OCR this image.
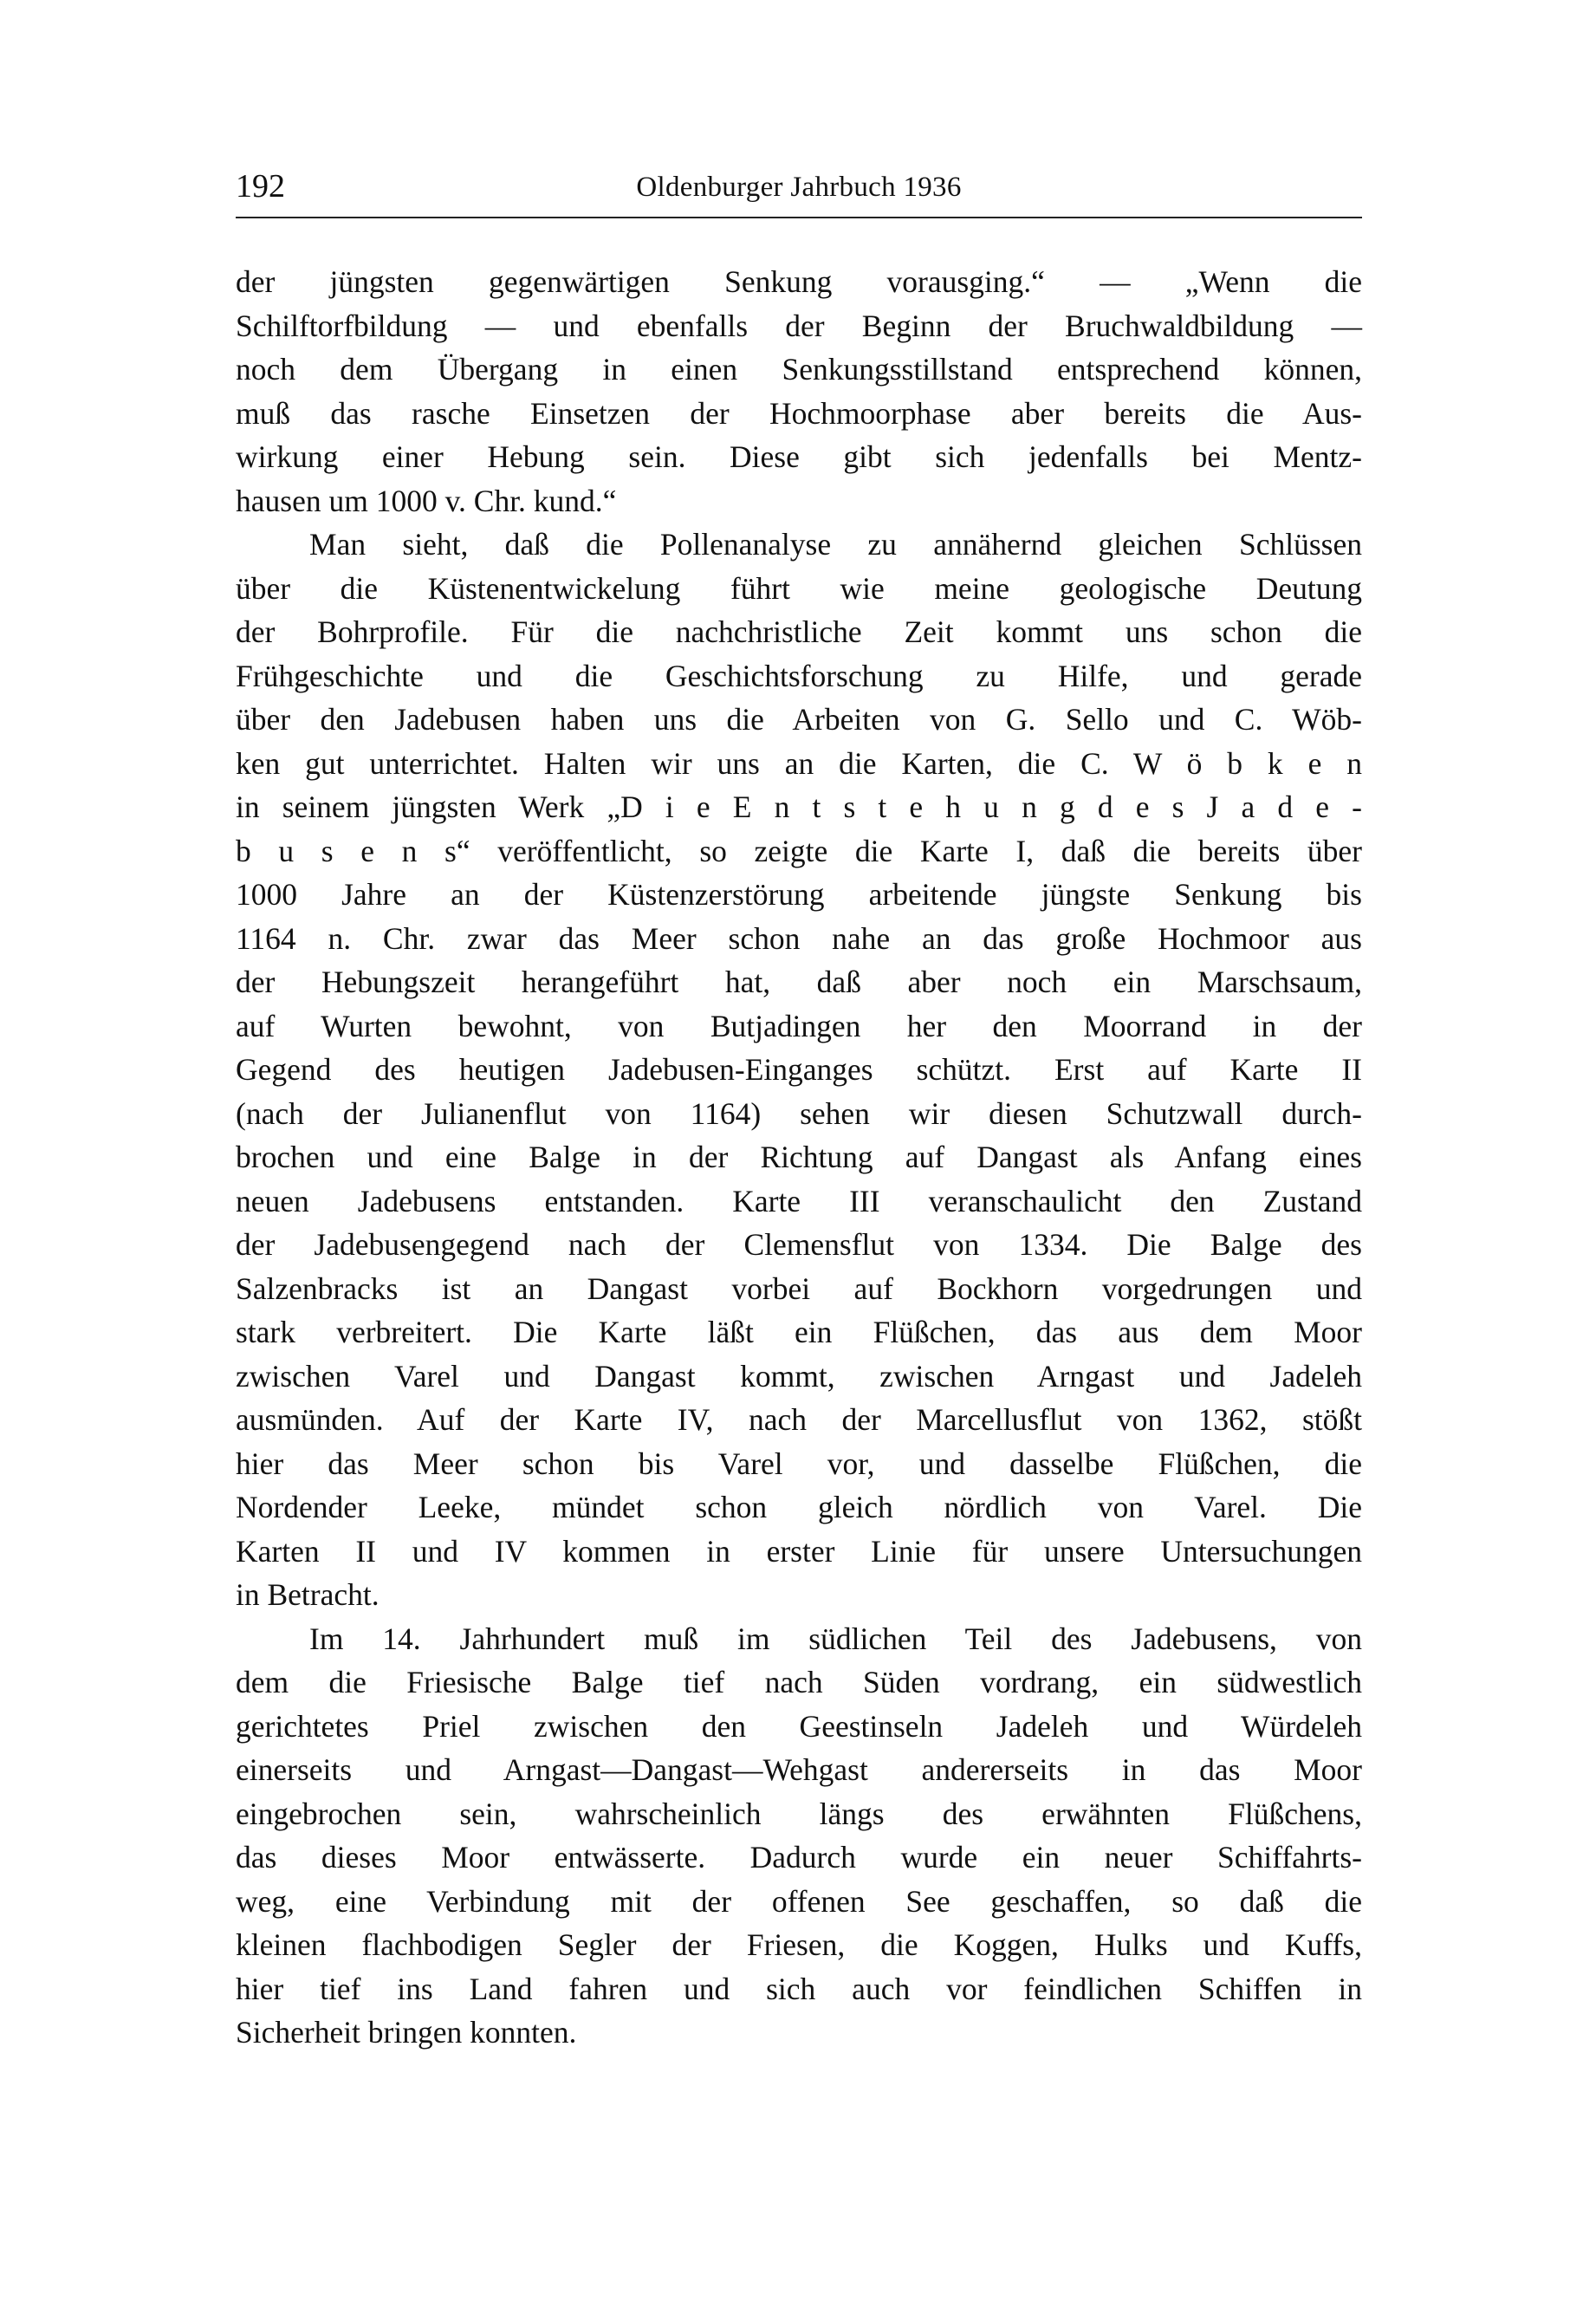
192	Oldenburger Jahrbuch 1936
der jüngsten gegenwärtigen Senkung vorausging.“ — „Wenn die
Schilftorfbildung — und ebenfalls der Beginn der Bruchwaldbildung —
noch dem Übergang in einen Senkungsstillstand entsprechend können,
muß das rasche Einsetzen der Hochmoorphase aber bereits die Aus-
wirkung einer Hebung sein. Diese gibt sich jedenfalls bei Mentz-
hausen um 1000 v. Chr. kund.“
Man sieht, daß die Pollenanalyse zu annähernd gleichen Schlüssen
über die Küstenentwickelung führt wie meine geologische Deutung
der Bohrprofile. Für die nachchristliche Zeit kommt uns schon die
Frühgeschichte und die Geschichtsforschung zu Hilfe, und gerade
über den Jadebusen haben uns die Arbeiten von G. Sello und C. Wöb-
ken gut unterrichtet. Halten wir uns an die Karten, die C. W ö b k e n
in seinem jüngsten Werk „D i e E n t s t e h u n g d e s J a d e -
b u s e n s“ veröffentlicht, so zeigte die Karte I, daß die bereits über
1000 Jahre an der Küstenzerstörung arbeitende jüngste Senkung bis
1164 n. Chr. zwar das Meer schon nahe an das große Hochmoor aus
der Hebungszeit herangeführt hat, daß aber noch ein Marschsaum,
auf Wurten bewohnt, von Butjadingen her den Moorrand in der
Gegend des heutigen Jadebusen-Einganges schützt. Erst auf Karte II
(nach der Julianenflut von 1164) sehen wir diesen Schutzwall durch-
brochen und eine Balge in der Richtung auf Dangast als Anfang eines
neuen Jadebusens entstanden. Karte III veranschaulicht den Zustand
der Jadebusengegend nach der Clemensflut von 1334. Die Balge des
Salzenbracks ist an Dangast vorbei auf Bockhorn vorgedrungen und
stark verbreitert. Die Karte läßt ein Flüßchen, das aus dem Moor
zwischen Varel und Dangast kommt, zwischen Arngast und Jadeleh
ausmünden. Auf der Karte IV, nach der Marcellusflut von 1362, stößt
hier das Meer schon bis Varel vor, und dasselbe Flüßchen, die
Nordender Leeke, mündet schon gleich nördlich von Varel. Die
Karten II und IV kommen in erster Linie für unsere Untersuchungen
in Betracht.
Im 14. Jahrhundert muß im südlichen Teil des Jadebusens, von
dem die Friesische Balge tief nach Süden vordrang, ein südwestlich
gerichtetes Priel zwischen den Geestinseln Jadeleh und Würdeleh
einerseits und Arngast—Dangast—Wehgast andererseits in das Moor
eingebrochen sein, wahrscheinlich längs des erwähnten Flüßchens,
das dieses Moor entwässerte. Dadurch wurde ein neuer Schiffahrts-
weg, eine Verbindung mit der offenen See geschaffen, so daß die
kleinen flachbodigen Segler der Friesen, die Koggen, Hulks und Kuffs,
hier tief ins Land fahren und sich auch vor feindlichen Schiffen in
Sicherheit bringen konnten.
